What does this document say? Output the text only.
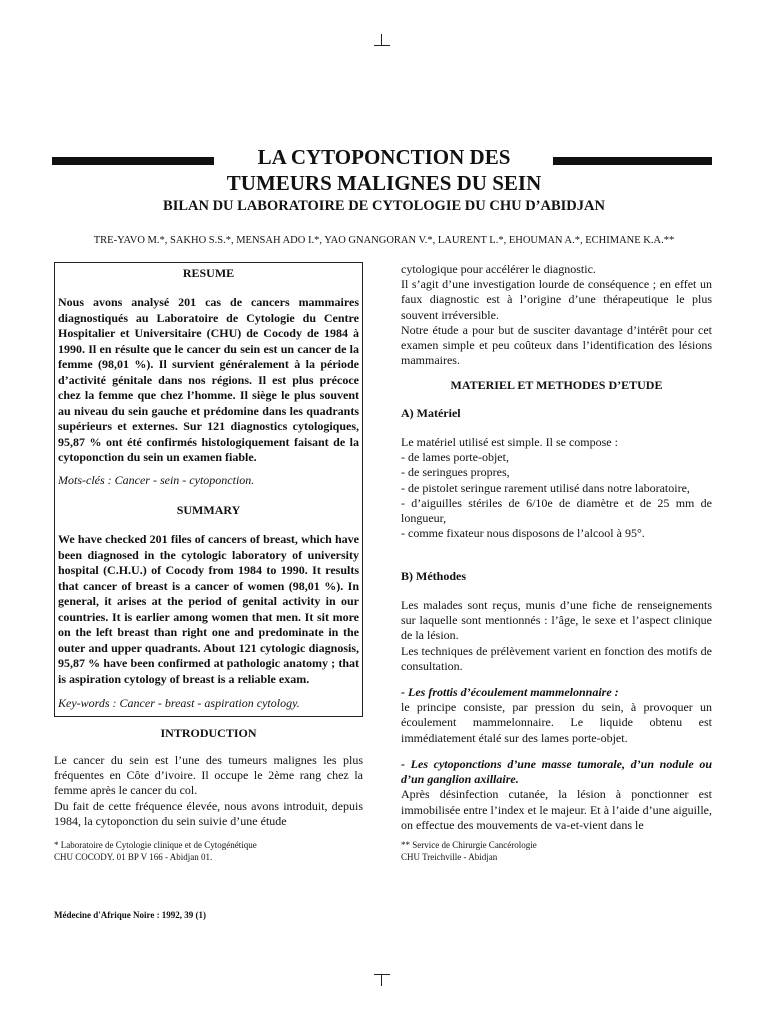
LA CYTOPONCTION DES
TUMEURS MALIGNES DU SEIN
BILAN DU LABORATOIRE DE CYTOLOGIE DU CHU D’ABIDJAN
TRE-YAVO M.*, SAKHO S.S.*, MENSAH ADO I.*, YAO GNANGORAN V.*, LAURENT L.*, EHOUMAN A.*, ECHIMANE K.A.**
RESUME
Nous avons analysé 201 cas de cancers mammaires diagnostiqués au Laboratoire de Cytologie du Centre Hospitalier et Universitaire (CHU) de Cocody de 1984 à 1990. Il en résulte que le cancer du sein est un cancer de la femme (98,01 %). Il survient généralement à la période d’activité génitale dans nos régions. Il est plus précoce chez la femme que chez l’homme. Il siège le plus souvent au niveau du sein gauche et prédomine dans les quadrants supérieurs et externes. Sur 121 diagnostics cytologiques, 95,87 % ont été confirmés histologiquement faisant de la cytoponction du sein un examen fiable.
Mots-clés : Cancer - sein - cytoponction.
SUMMARY
We have checked 201 files of cancers of breast, which have been diagnosed in the cytologic laboratory of university hospital (C.H.U.) of Cocody from 1984 to 1990. It results that cancer of breast is a cancer of women (98,01 %). In general, it arises at the period of genital activity in our countries. It is earlier among women that men. It sit more on the left breast than right one and predominate in the outer and upper quadrants. About 121 cytologic diagnosis, 95,87 % have been confirmed at pathologic anatomy ; that is aspiration cytology of breast is a reliable exam.
Key-words : Cancer - breast - aspiration cytology.
INTRODUCTION

Le cancer du sein est l’une des tumeurs malignes les plus fréquentes en Côte d’ivoire. Il occupe le 2ème rang chez la femme après le cancer du col.

Du fait de cette fréquence élevée, nous avons introduit, depuis 1984, la cytoponction du sein suivie d’une étude

cytologique pour accélérer le diagnostic.

Il s’agit d’une investigation lourde de conséquence ; en effet un faux diagnostic est à l’origine d’une thérapeutique le plus souvent irréversible.

Notre étude a pour but de susciter davantage d’intérêt pour cet examen simple et peu coûteux dans l’identification des lésions mammaires.

MATERIEL ET METHODES D’ETUDE
A) Matériel

Le matériel utilisé est simple. Il se compose :

- de lames porte-objet,

- de seringues propres,

- de pistolet seringue rarement utilisé dans notre laboratoire,

- d’aiguilles stériles de 6/10e de diamètre et de 25 mm de longueur,

- comme fixateur nous disposons de l’alcool à 95°.

B) Méthodes

Les malades sont reçus, munis d’une fiche de renseignements sur laquelle sont mentionnés : l’âge, le sexe et l’aspect clinique de la lésion.

Les techniques de prélèvement varient en fonction des motifs de consultation.

- Les frottis d’écoulement mammelonnaire :

le principe consiste, par pression du sein, à provoquer un écoulement mammelonnaire. Le liquide obtenu est immédiatement étalé sur des lames porte-objet.

- Les cytoponctions d’une masse tumorale, d’un nodule ou d’un ganglion axillaire.

Après désinfection cutanée, la lésion à ponctionner est immobilisée entre l’index et le majeur. Et à l’aide d’une aiguille, on effectue des mouvements de va-et-vient dans le

* Laboratoire de Cytologie clinique et de Cytogénétique
CHU COCODY. 01 BP V 166 - Abidjan 01.
** Service de Chirurgie Cancérologie
CHU Treichville - Abidjan
Médecine d'Afrique Noire : 1992, 39 (1)
